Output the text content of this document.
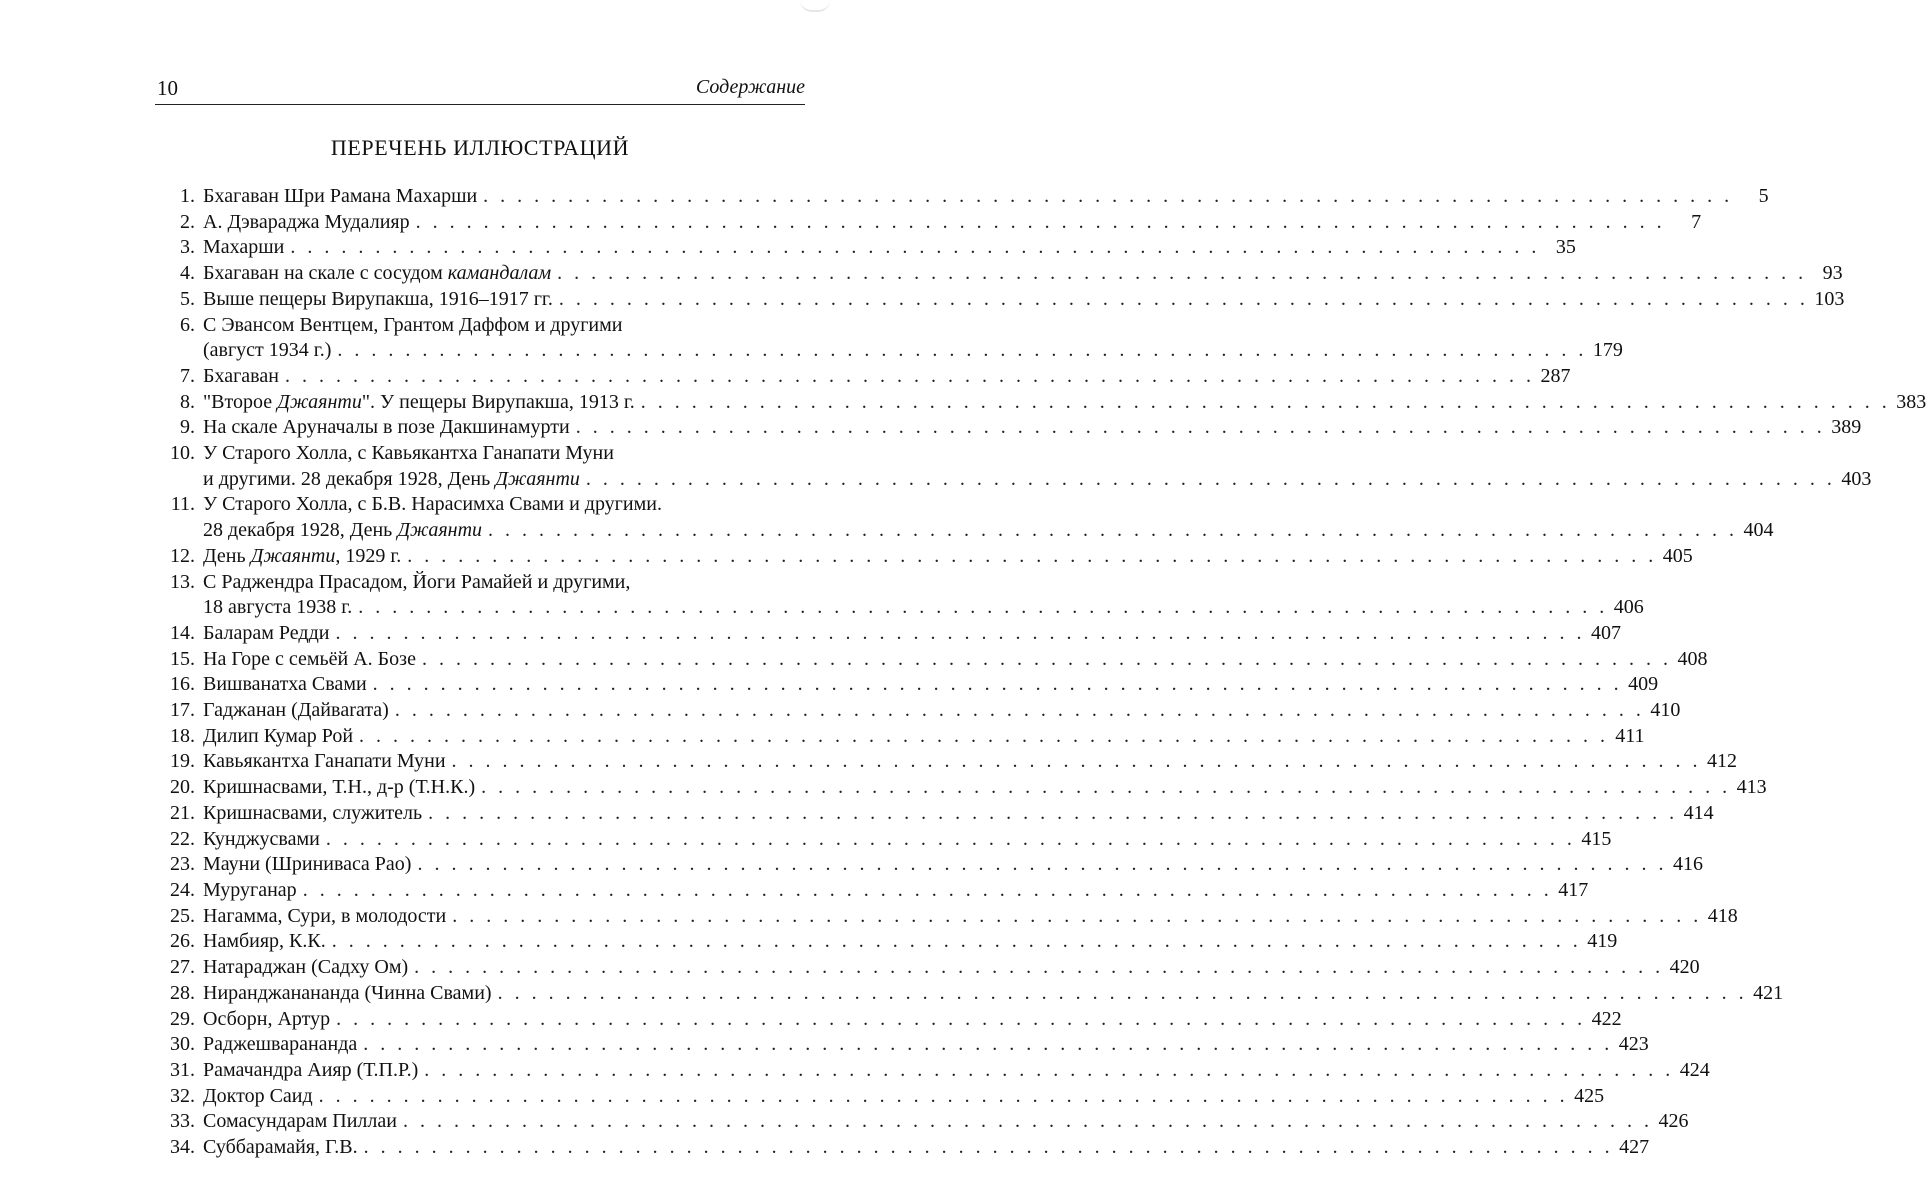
10	Содержание
ПЕРЕЧЕНЬ ИЛЛЮСТРАЦИЙ
1. Бхагаван Шри Рамана Махарши . . .	5
2. А. Дэвараджа Мудалияр . . .	7
3. Махарши . . .	35
4. Бхагаван на скале с сосудом камандалам . . .	93
5. Выше пещеры Вирупакша, 1916–1917 гг. . . .	103
6. С Эвансом Вентцем, Грантом Даффом и другими
(август 1934 г.) . . .	179
7. Бхагаван . . .	287
8. "Второе Джаянти". У пещеры Вирупакша, 1913 г. . . .	383
9. На скале Аруначалы в позе Дакшинамурти . . .	389
10. У Старого Холла, с Кавьякантха Ганапати Муни
и другими. 28 декабря 1928, День Джаянти . . .	403
11. У Старого Холла, с Б.В. Нарасимха Свами и другими.
28 декабря 1928, День Джаянти . . .	404
12. День Джаянти, 1929 г. . . .	405
13. С Раджендра Прасадом, Йоги Рамайей и другими,
18 августа 1938 г. . . .	406
14. Баларам Редди . . .	407
15. На Горе с семьёй А. Бозе . . .	408
16. Вишванатха Свами . . .	409
17. Гаджанан (Дайвarата) . . .	410
18. Дилип Кумар Рой . . .	411
19. Кавьякантха Ганапати Муни . . .	412
20. Кришнасвами, Т.Н., д-р (Т.Н.К.) . . .	413
21. Кришнасвами, служитель . . .	414
22. Кунджусвами . . .	415
23. Мауни (Шринивасa Рао) . . .	416
24. Муруганар . . .	417
25. Нагамма, Сури, в молодости . . .	418
26. Намбияр, К.К. . . .	419
27. Натараджан (Садху Ом) . . .	420
28. Ниранджанананда (Чинна Свами) . . .	421
29. Осборн, Артур . . .	422
30. Раджешварананда . . .	423
31. Рамачандра Аияр (Т.П.Р.) . . .	424
32. Доктор Саид . . .	425
33. Сомасундарам Пиллаи . . .	426
34. Суббарамайя, Г.В. . . .	427
